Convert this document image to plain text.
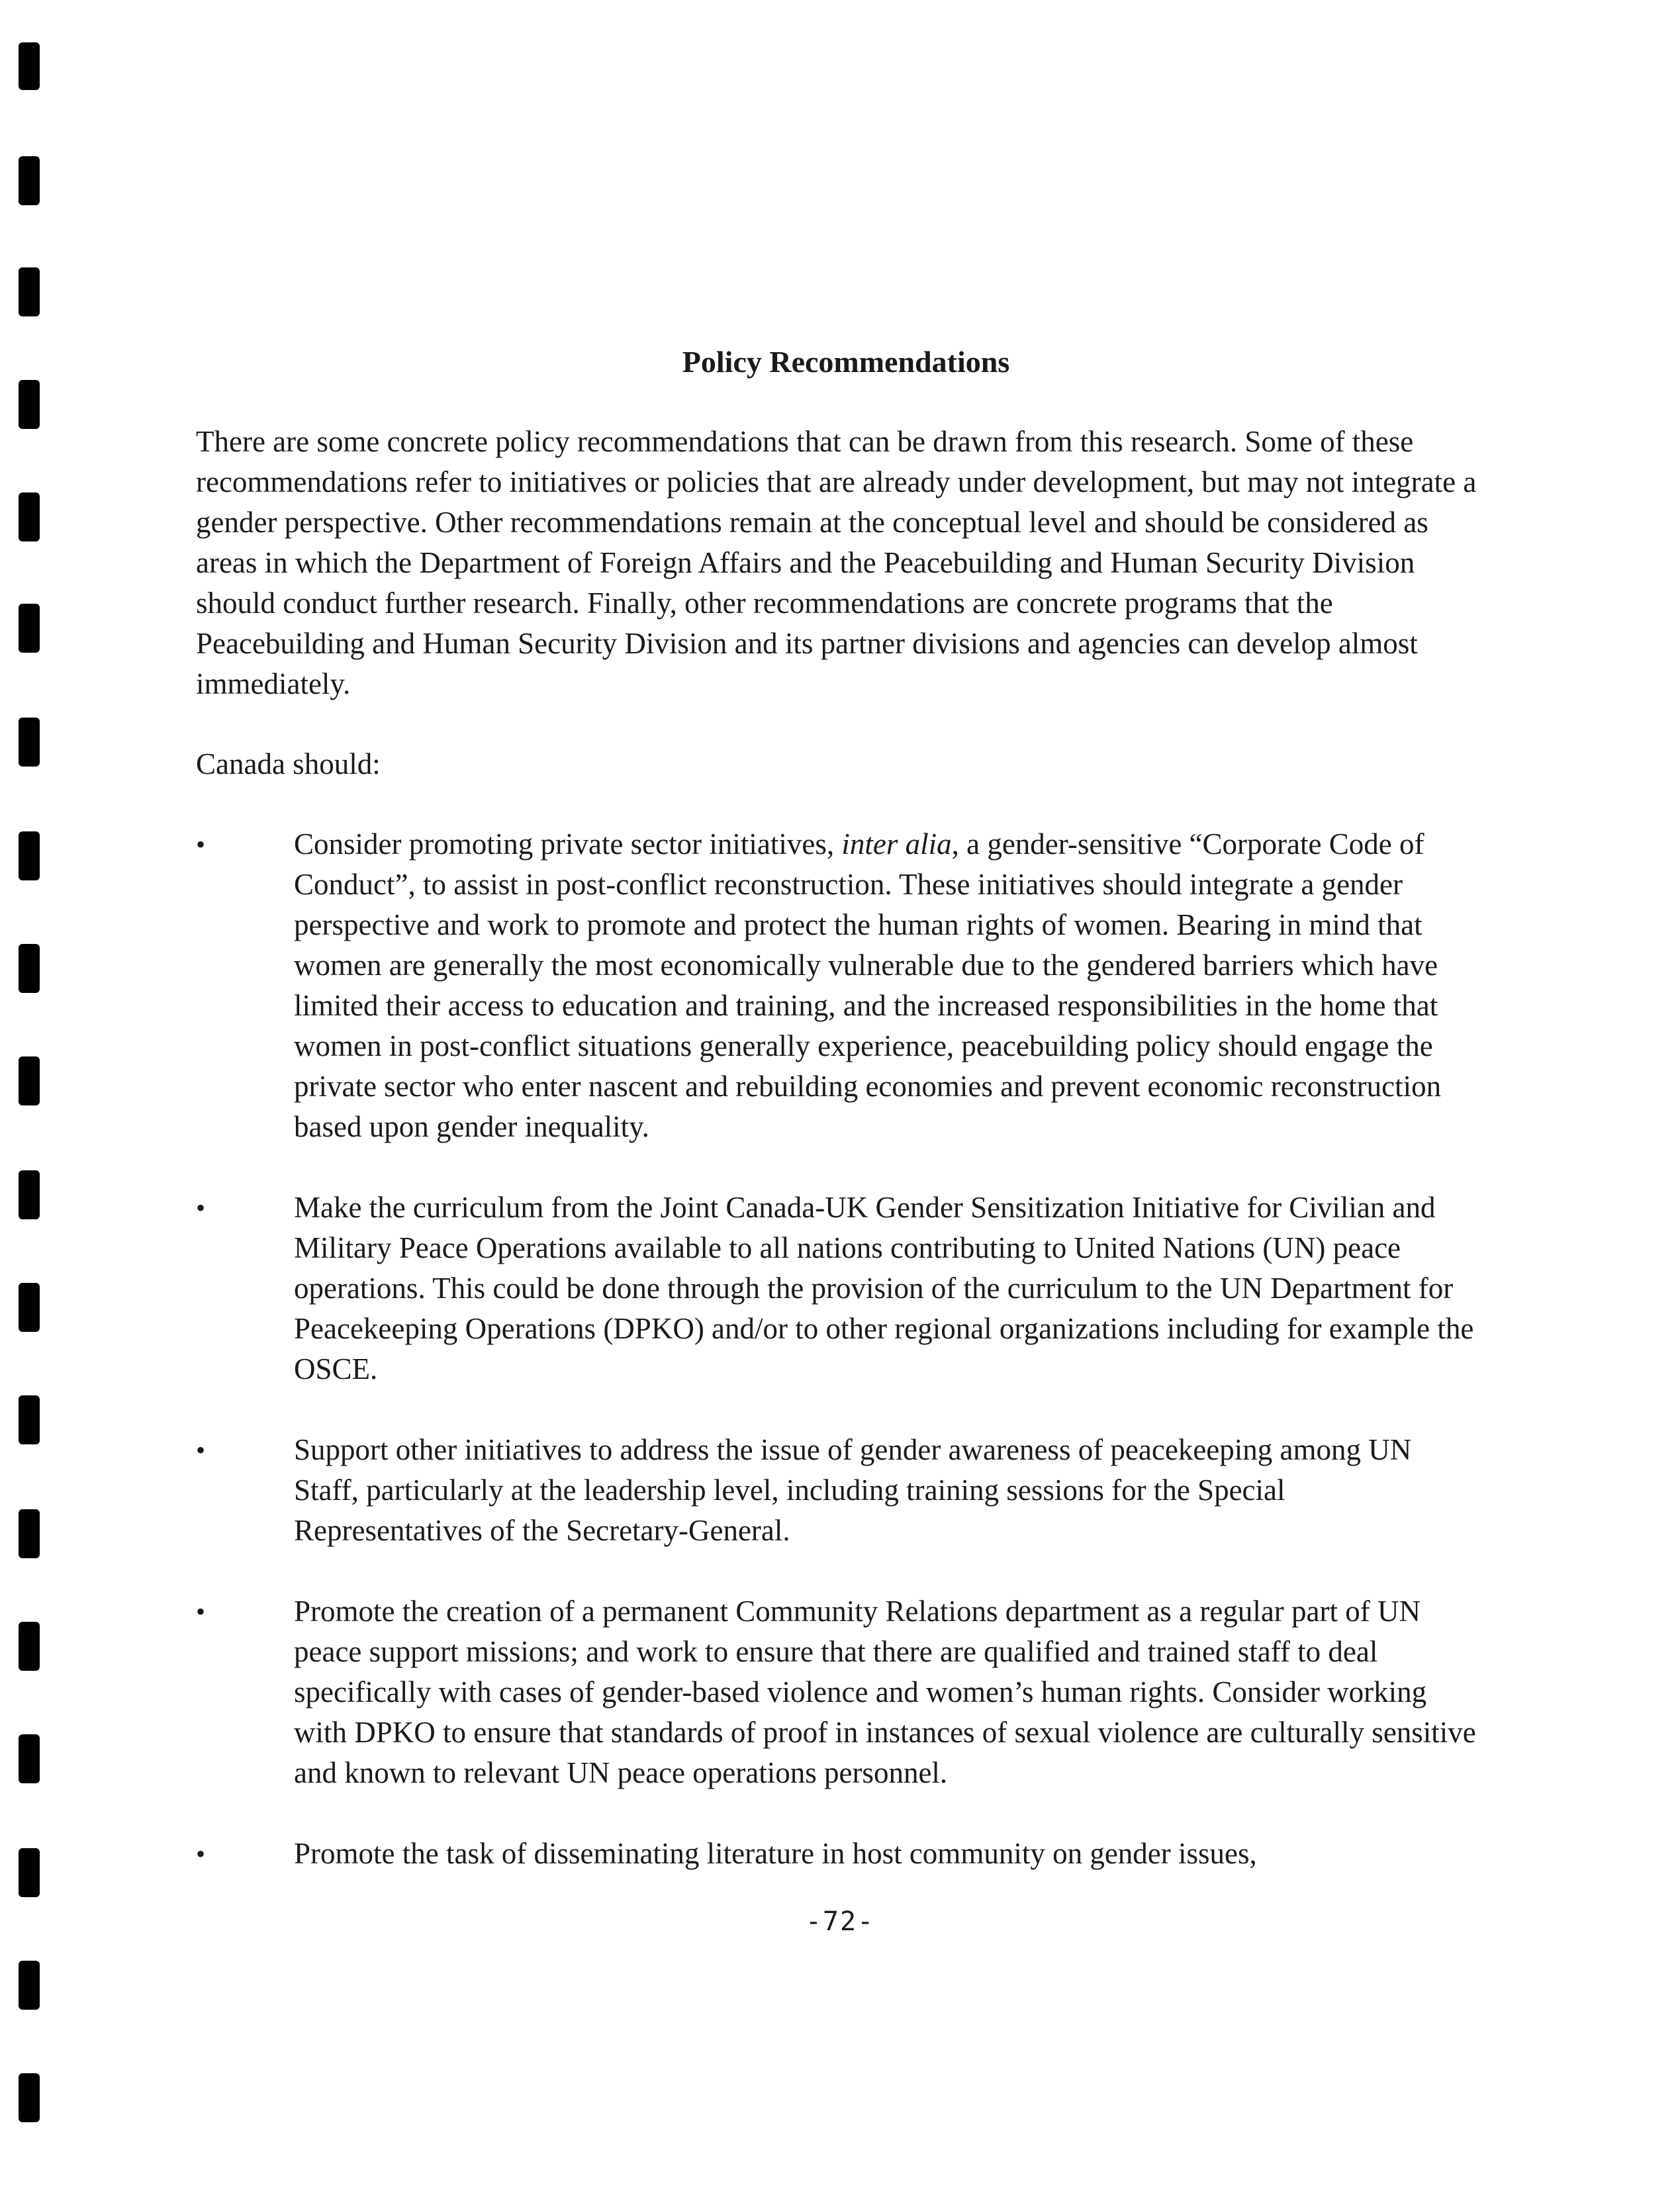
Policy Recommendations

There are some concrete policy recommendations that can be drawn from this research. Some of these recommendations refer to initiatives or policies that are already under development, but may not integrate a gender perspective. Other recommendations remain at the conceptual level and should be considered as areas in which the Department of Foreign Affairs and the Peacebuilding and Human Security Division should conduct further research. Finally, other recommendations are concrete programs that the Peacebuilding and Human Security Division and its partner divisions and agencies can develop almost immediately.

Canada should:

•	Consider promoting private sector initiatives, inter alia, a gender-sensitive “Corporate Code of Conduct”, to assist in post-conflict reconstruction. These initiatives should integrate a gender perspective and work to promote and protect the human rights of women. Bearing in mind that women are generally the most economically vulnerable due to the gendered barriers which have limited their access to education and training, and the increased responsibilities in the home that women in post-conflict situations generally experience, peacebuilding policy should engage the private sector who enter nascent and rebuilding economies and prevent economic reconstruction based upon gender inequality.
•	Make the curriculum from the Joint Canada-UK Gender Sensitization Initiative for Civilian and Military Peace Operations available to all nations contributing to United Nations (UN) peace operations. This could be done through the provision of the curriculum to the UN Department for Peacekeeping Operations (DPKO) and/or to other regional organizations including for example the OSCE.
•	Support other initiatives to address the issue of gender awareness of peacekeeping among UN Staff, particularly at the leadership level, including training sessions for the Special Representatives of the Secretary-General.
•	Promote the creation of a permanent Community Relations department as a regular part of UN peace support missions; and work to ensure that there are qualified and trained staff to deal specifically with cases of gender-based violence and women’s human rights. Consider working with DPKO to ensure that standards of proof in instances of sexual violence are culturally sensitive and known to relevant UN peace operations personnel.
•	Promote the task of disseminating literature in host community on gender issues,
-72-
